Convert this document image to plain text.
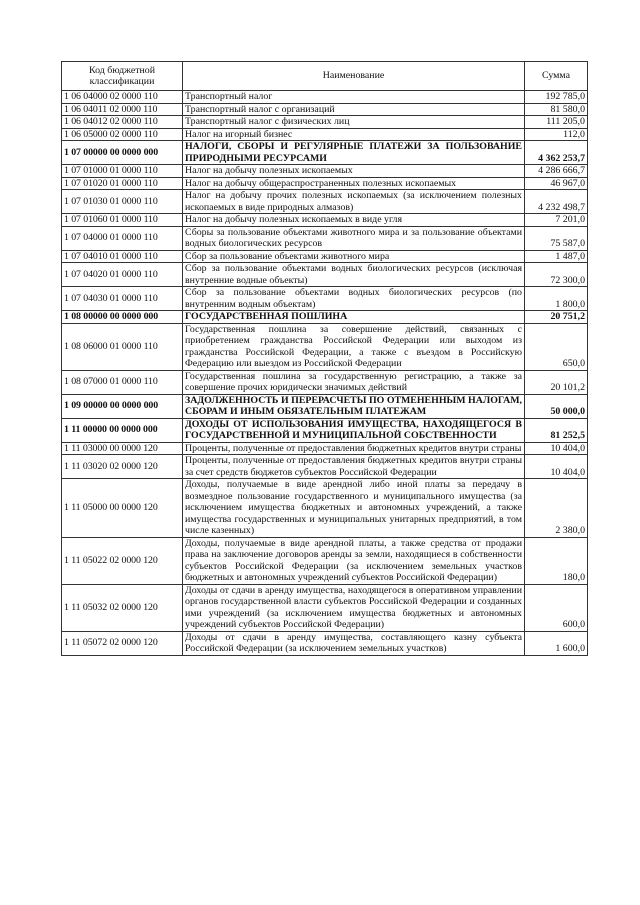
Код бюджетной классификации	Наименование	Сумма
1 06 04000 02 0000 110	Транспортный налог	192 785,0
1 06 04011 02 0000 110	Транспортный налог с организаций	81 580,0
1 06 04012 02 0000 110	Транспортный налог с физических лиц	111 205,0
1 06 05000 02 0000 110	Налог на игорный бизнес	112,0
1 07 00000 00 0000 000	НАЛОГИ, СБОРЫ И РЕГУЛЯРНЫЕ ПЛАТЕЖИ ЗА ПОЛЬЗОВАНИЕ ПРИРОДНЫМИ РЕСУРСАМИ	4 362 253,7
1 07 01000 01 0000 110	Налог на добычу полезных ископаемых	4 286 666,7
1 07 01020 01 0000 110	Налог на добычу общераспространенных полезных ископаемых	46 967,0
1 07 01030 01 0000 110	Налог на добычу прочих полезных ископаемых (за исключением полезных ископаемых в виде природных алмазов)	4 232 498,7
1 07 01060 01 0000 110	Налог на добычу полезных ископаемых в виде угля	7 201,0
1 07 04000 01 0000 110	Сборы за пользование объектами животного мира и за пользование объектами водных биологических ресурсов	75 587,0
1 07 04010 01 0000 110	Сбор за пользование объектами животного мира	1 487,0
1 07 04020 01 0000 110	Сбор за пользование объектами водных биологических ресурсов (исключая внутренние водные объекты)	72 300,0
1 07 04030 01 0000 110	Сбор за пользование объектами водных биологических ресурсов (по внутренним водным объектам)	1 800,0
1 08 00000 00 0000 000	ГОСУДАРСТВЕННАЯ ПОШЛИНА	20 751,2
1 08 06000 01 0000 110	Государственная пошлина за совершение действий, связанных с приобретением гражданства Российской Федерации или выходом из гражданства Российской Федерации, а также с въездом в Российскую Федерацию или выездом из Российской Федерации	650,0
1 08 07000 01 0000 110	Государственная пошлина за государственную регистрацию, а также за совершение прочих юридически значимых действий	20 101,2
1 09 00000 00 0000 000	ЗАДОЛЖЕННОСТЬ И ПЕРЕРАСЧЕТЫ ПО ОТМЕНЕННЫМ НАЛОГАМ, СБОРАМ И ИНЫМ ОБЯЗАТЕЛЬНЫМ ПЛАТЕЖАМ	50 000,0
1 11 00000 00 0000 000	ДОХОДЫ ОТ ИСПОЛЬЗОВАНИЯ ИМУЩЕСТВА, НАХОДЯЩЕГОСЯ В ГОСУДАРСТВЕННОЙ И МУНИЦИПАЛЬНОЙ СОБСТВЕННОСТИ	81 252,5
1 11 03000 00 0000 120	Проценты, полученные от предоставления бюджетных кредитов внутри страны	10 404,0
1 11 03020 02 0000 120	Проценты, полученные от предоставления бюджетных кредитов внутри страны за счет средств бюджетов субъектов Российской Федерации	10 404,0
1 11 05000 00 0000 120	Доходы, получаемые в виде арендной либо иной платы за передачу в возмездное пользование государственного и муниципального имущества (за исключением имущества бюджетных и автономных учреждений, а также имущества государственных и муниципальных унитарных предприятий, в том числе казенных)	2 380,0
1 11 05022 02 0000 120	Доходы, получаемые в виде арендной платы, а также средства от продажи права на заключение договоров аренды за земли, находящиеся в собственности субъектов Российской Федерации (за исключением земельных участков бюджетных и автономных учреждений субъектов Российской Федерации)	180,0
1 11 05032 02 0000 120	Доходы от сдачи в аренду имущества, находящегося в оперативном управлении органов государственной власти субъектов Российской Федерации и созданных ими учреждений (за исключением имущества бюджетных и автономных учреждений субъектов Российской Федерации)	600,0
1 11 05072 02 0000 120	Доходы от сдачи в аренду имущества, составляющего казну субъекта Российской Федерации (за исключением земельных участков)	1 600,0
